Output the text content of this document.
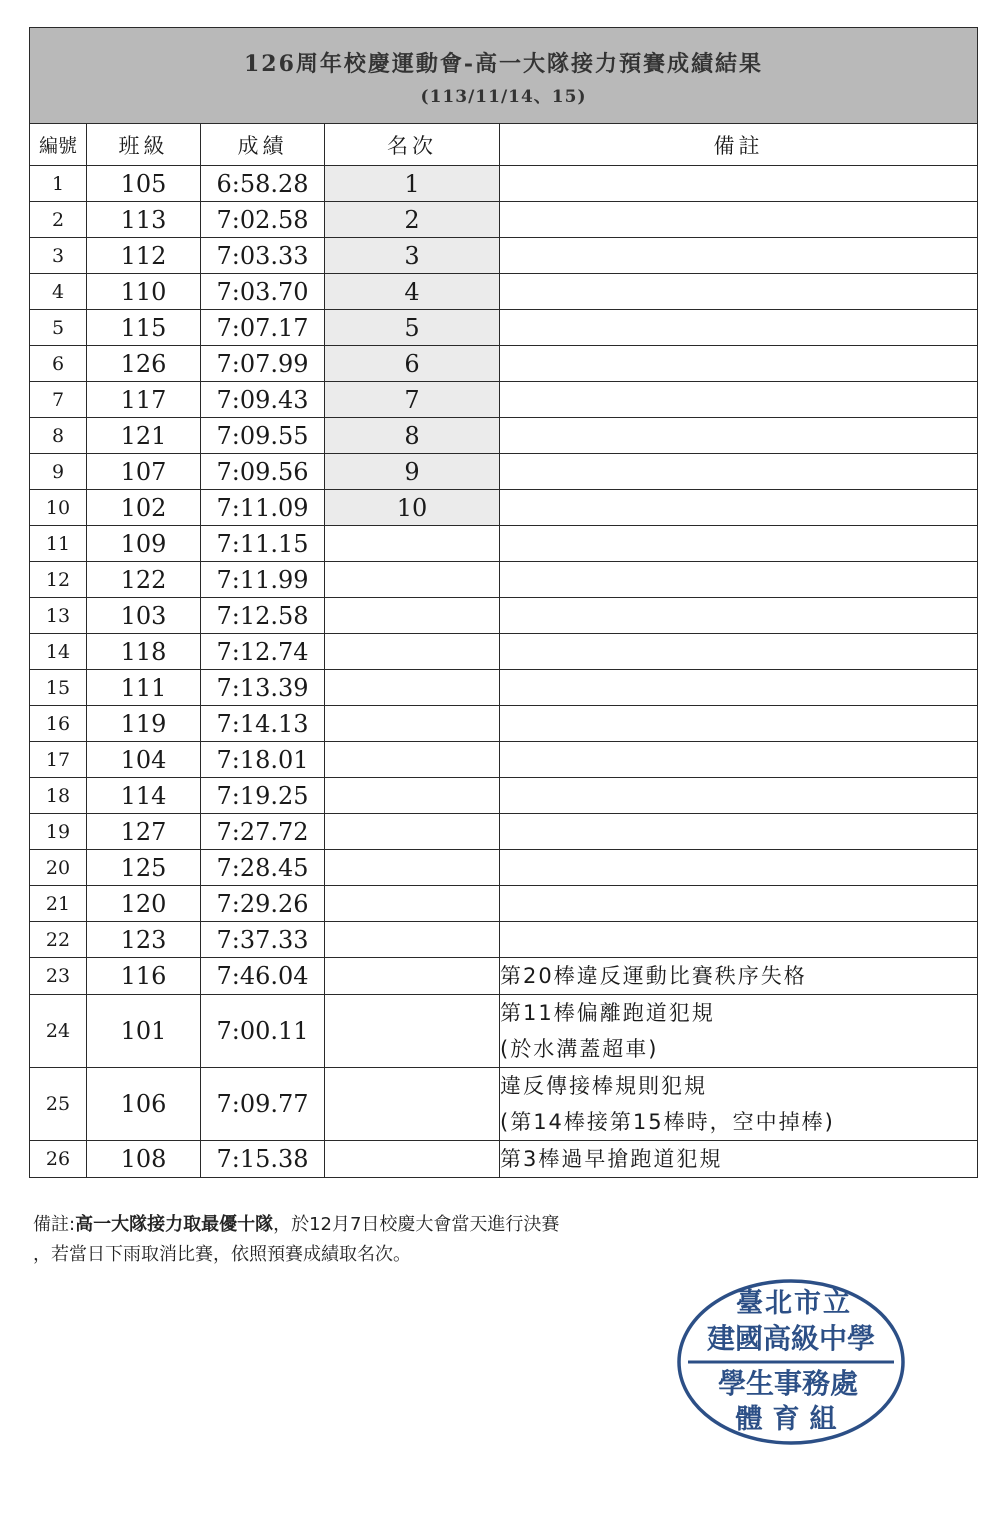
126周年校慶運動會-高一大隊接力預賽成績結果
(113/11/14、15)				

編號	班級	成績	名次	備註
1	105	6:58.28	1	

2	113	7:02.58	2	

3	112	7:03.33	3	

4	110	7:03.70	4	

5	115	7:07.17	5	

6	126	7:07.99	6	

7	117	7:09.43	7	

8	121	7:09.55	8	

9	107	7:09.56	9	

10	102	7:11.09	10	

11	109	7:11.15		

12	122	7:11.99		

13	103	7:12.58		

14	118	7:12.74		

15	111	7:13.39		

16	119	7:14.13		

17	104	7:18.01		

18	114	7:19.25		

19	127	7:27.72		

20	125	7:28.45		

21	120	7:29.26		

22	123	7:37.33		

23	116	7:46.04		第20棒違反運動比賽秩序失格

24	101	7:00.11		第11棒偏離跑道犯規
(於水溝蓋超車)

25	106	7:09.77		違反傳接棒規則犯規
(第14棒接第15棒時，空中掉棒)

26	108	7:15.38		第3棒過早搶跑道犯規
備註:高一大隊接力取最優十隊，於12月7日校慶大會當天進行決賽
，若當日下雨取消比賽，依照預賽成績取名次。
臺北市立
建國高級中學
學生事務處
體育組
